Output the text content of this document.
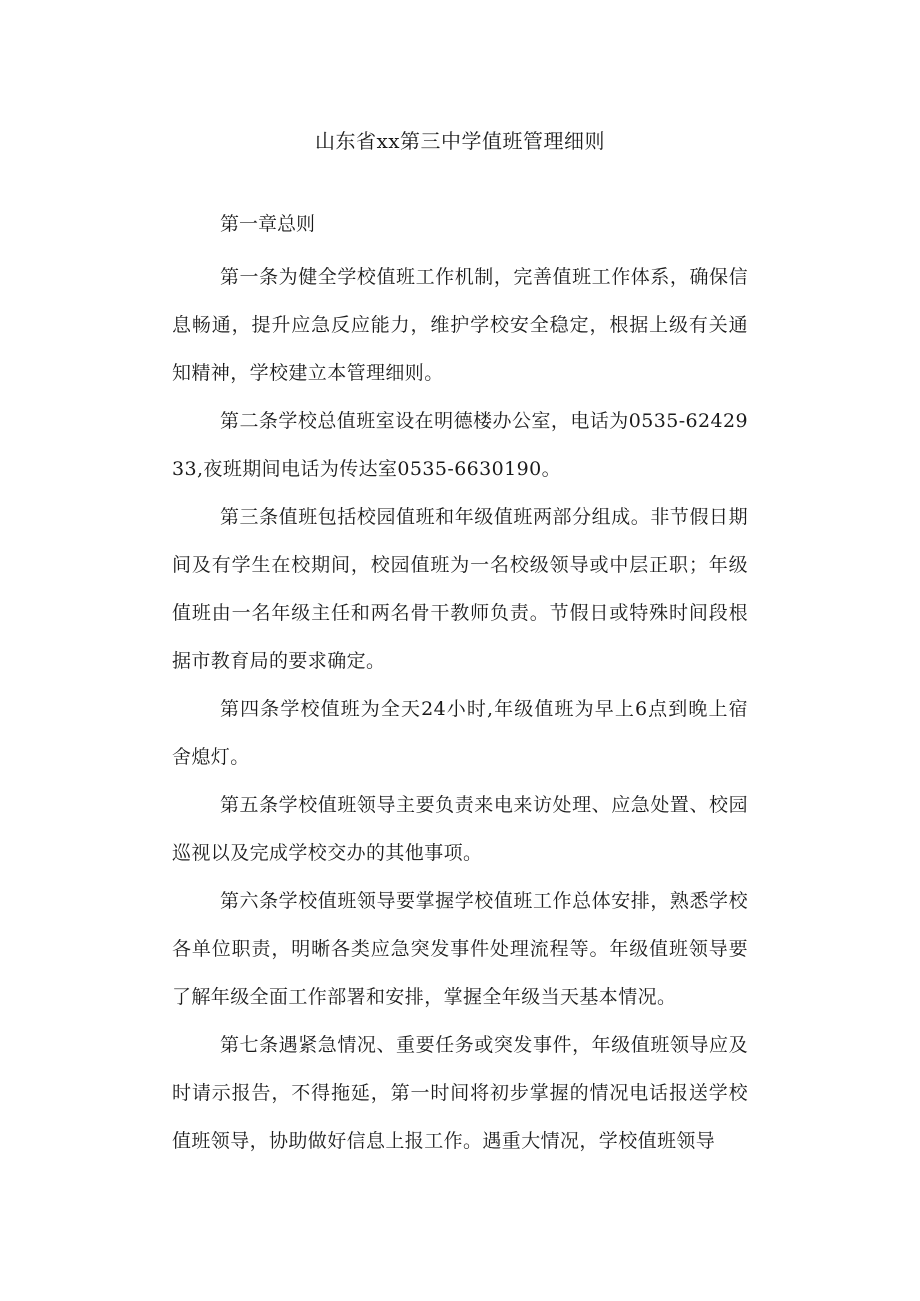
山东省xx第三中学值班管理细则

第一章总则

第一条为健全学校值班工作机制，完善值班工作体系，确保信息畅通，提升应急反应能力，维护学校安全稳定，根据上级有关通知精神，学校建立本管理细则。

第二条学校总值班室设在明德楼办公室，电话为0535-6242933,夜班期间电话为传达室0535-6630190。

第三条值班包括校园值班和年级值班两部分组成。非节假日期间及有学生在校期间，校园值班为一名校级领导或中层正职；年级值班由一名年级主任和两名骨干教师负责。节假日或特殊时间段根据市教育局的要求确定。

第四条学校值班为全天24小时,年级值班为早上6点到晚上宿舍熄灯。

第五条学校值班领导主要负责来电来访处理、应急处置、校园巡视以及完成学校交办的其他事项。

第六条学校值班领导要掌握学校值班工作总体安排，熟悉学校各单位职责，明晰各类应急突发事件处理流程等。年级值班领导要了解年级全面工作部署和安排，掌握全年级当天基本情况。

第七条遇紧急情况、重要任务或突发事件，年级值班领导应及时请示报告，不得拖延，第一时间将初步掌握的情况电话报送学校值班领导，协助做好信息上报工作。遇重大情况，学校值班领导
